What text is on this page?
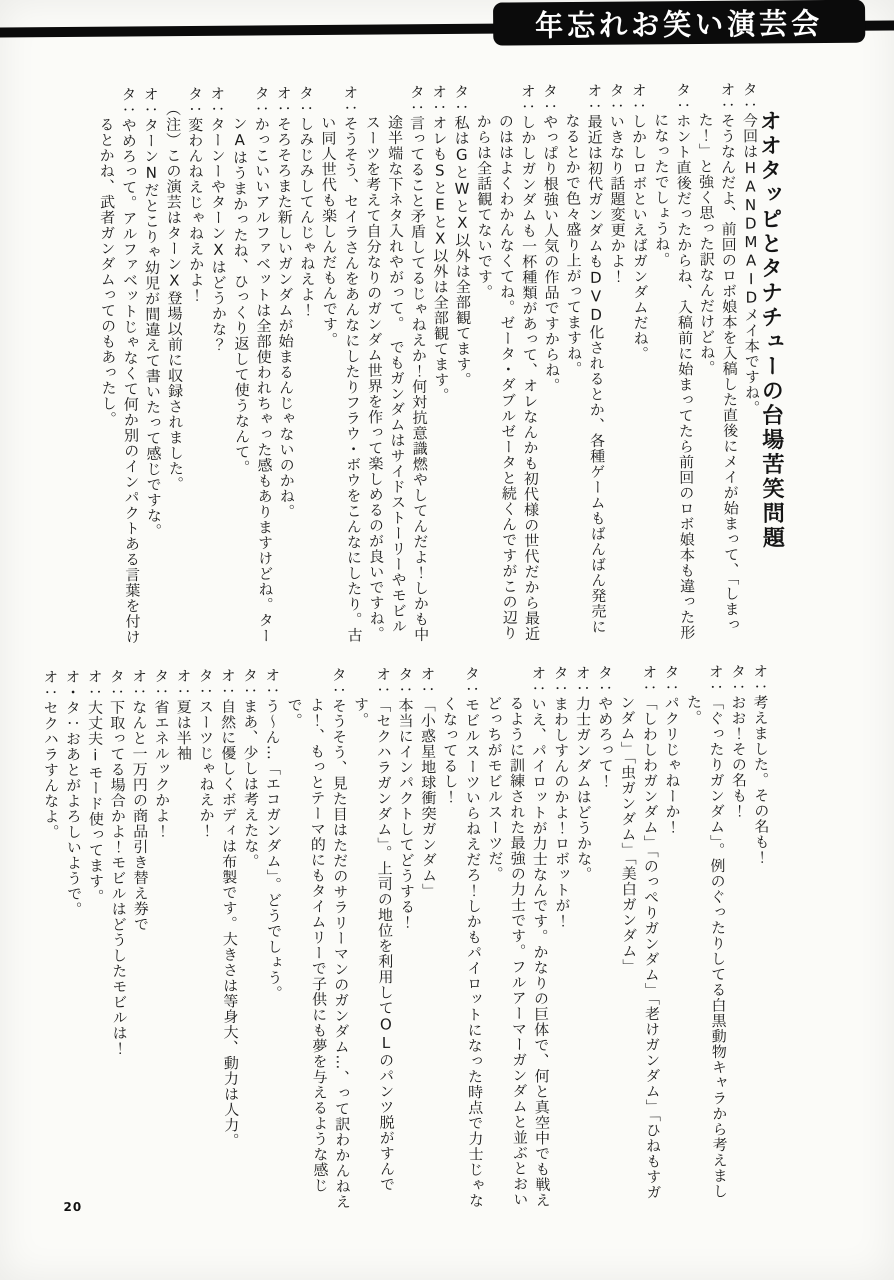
年忘れお笑い演芸会
オオタッピとタナチューの台場苦笑問題

タ：今回はHANDMAIDメイ本ですね。

オ：そうなんだよ、前回のロボ娘本を入稿した直後にメイが始まって、「しまった！」と強く思った訳なんだけどね。

タ：ホント直後だったからね、入稿前に始まってたら前回のロボ娘本も違った形になったでしょうね。

オ：しかしロボといえばガンダムだね。

タ：いきなり話題変更かよ！

オ：最近は初代ガンダムもDVD化されるとか、各種ゲームもばんばん発売になるとかで色々盛り上がってますね。

タ：やっぱり根強い人気の作品ですからね。

オ：しかしガンダムも一杯種類があって、オレなんかも初代様の世代だから最近のははよくわかんなくてね。ゼータ・ダブルゼータと続くんですがこの辺りからは全話観てないです。

タ：私はGとWとX以外は全部観てます。

オ：オレもSとEとX以外は全部観てます。

タ：言ってること矛盾してるじゃねえか！何対抗意識燃やしてんだよ！しかも中途半端な下ネタ入れやがって。　でもガンダムはサイドストーリーやモビルスーツを考えて自分なりのガンダム世界を作って楽しめるのが良いですね。

オ：そうそう、セイラさんをあんなにしたりフラウ・ボウをこんなにしたり。古い同人世代も楽しんだもんです。

タ：しみじみしてんじゃねえよ！

オ：そろそろまた新しいガンダムが始まるんじゃないのかね。

タ：かっこいいアルファベットは全部使われちゃった感もありますけどね。ターンAはうまかったね、ひっくり返して使うなんて。

オ：ターンーやターンXはどうかな？

タ：変わんねえじゃねえかよ！

（注）この演芸はターンX登場以前に収録されました。

オ：ターンNだとこりゃ幼児が間違えて書いたって感じですな。

タ：やめろって。アルファベットじゃなくて何か別のインパクトある言葉を付けるとかね、武者ガンダムってのもあったし。

オ：考えました。その名も！

タ：おお！その名も！

オ：「ぐったりガンダム」。例のぐったりしてる白黒動物キャラから考えました。

タ：パクリじゃねーか！

オ：「しわしわガンダム」「のっぺりガンダム」「老けガンダム」「ひねもすガンダム」「虫ガンダム」「美白ガンダム」

タ：やめろって！

オ：力士ガンダムはどうかな。

タ：まわしすんのかよ！ロボットが！

オ：いえ、パイロットが力士なんです。かなりの巨体で、何と真空中でも戦えるように訓練された最強の力士です。フルアーマーガンダムと並ぶとおいどっちがモビルスーツだ。

タ：モビルスーツいらねえだろ！しかもパイロットになった時点で力士じゃなくなってるし！

オ：「小惑星地球衝突ガンダム」

タ：本当にインパクトしてどうする！

オ：「セクハラガンダム」。上司の地位を利用してOLのパンツ脱がすんです。

タ：そうそう、見た目はただのサラリーマンのガンダム…、って訳わかんねえよ！、もっとテーマ的にもタイムリーで子供にも夢を与えるような感じで。

オ：う～ん…「エコガンダム」。どうでしょう。

タ：まあ、少しは考えたな。

オ：自然に優しくボディは布製です。大きさは等身大、動力は人力。

タ：スーツじゃねえか！

オ：夏は半袖

タ：省エネルックかよ！

オ：なんと一万円の商品引き替え券で

タ：下取ってる場合かよ！モビルはどうしたモビルは！

オ：大丈夫iモード使ってます。

オ・タ：おあとがよろしいようで。

オ：セクハラすんなよ。

20
